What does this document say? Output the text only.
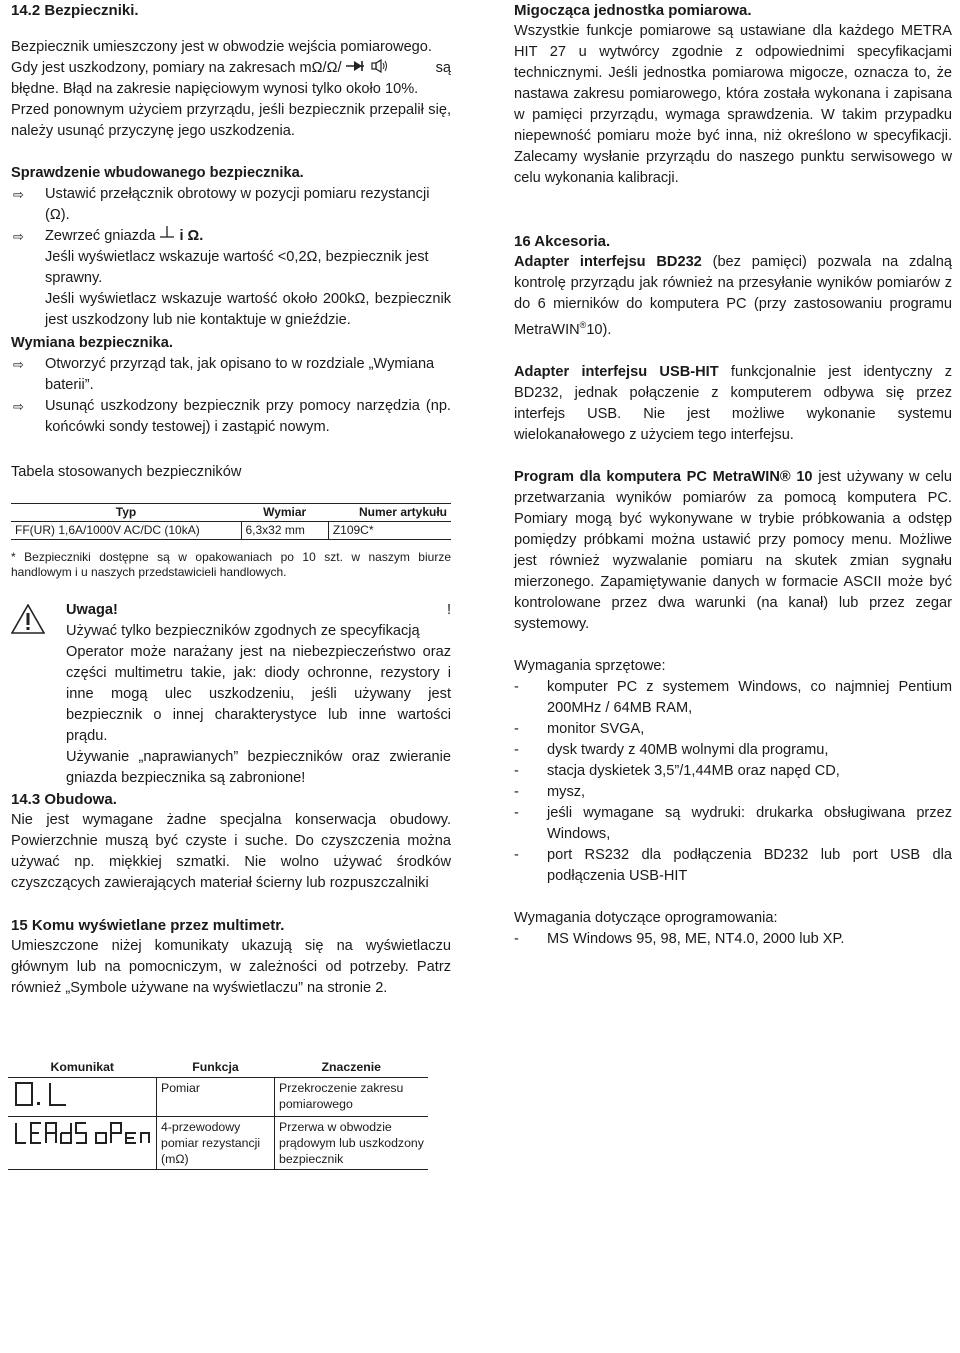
14.2 Bezpieczniki.

Bezpiecznik umieszczony jest w obwodzie wejścia pomiarowego.

Gdy jest uszkodzony, pomiary na zakresach mΩ/Ω/	są

błędne. Błąd na zakresie napięciowym wynosi tylko około 10%.

Przed ponownym użyciem przyrządu, jeśli bezpiecznik przepalił się, należy usunąć przyczynę jego uszkodzenia.

Sprawdzenie wbudowanego bezpiecznika.

⇨	Ustawić przełącznik obrotowy w pozycji pomiaru rezystancji (Ω).
⇨	Zewrzeć gniazda i Ω.

Jeśli wyświetlacz wskazuje wartość <0,2Ω, bezpiecznik jest sprawny.

Jeśli wyświetlacz wskazuje wartość około 200kΩ, bezpiecznik jest uszkodzony lub nie kontaktuje w gnieździe.

Wymiana bezpiecznika.

⇨	Otworzyć przyrząd tak, jak opisano to w rozdziale „Wymiana baterii”.
⇨	Usunąć uszkodzony bezpiecznik przy pomocy narzędzia (np. końcówki sondy testowej) i zastąpić nowym.

Tabela stosowanych bezpieczników

Typ	Wymiar	Numer artykułu
FF(UR) 1,6A/1000V AC/DC (10kA)	6,3x32 mm	Z109C*

* Bezpieczniki dostępne są w opakowaniach po 10 szt. w naszym biurze handlowym i u naszych przedstawicieli handlowych.

Uwaga!	!

Używać tylko bezpieczników zgodnych ze specyfikacją

Operator może narażany jest na niebezpieczeństwo oraz części multimetru takie, jak: diody ochronne, rezystory i inne mogą ulec uszkodzeniu, jeśli używany jest bezpiecznik o innej charakterystyce lub inne wartości prądu.

Używanie „naprawianych” bezpieczników oraz zwieranie gniazda bezpiecznika są zabronione!

14.3 Obudowa.

Nie jest wymagane żadne specjalna konserwacja obudowy. Powierzchnie muszą być czyste i suche. Do czyszczenia można używać np. miękkiej szmatki. Nie wolno używać środków czyszczących zawierających materiał ścierny lub rozpuszczalniki

15 Komu wyświetlane przez multimetr.

Umieszczone niżej komunikaty ukazują się na wyświetlaczu głównym lub na pomocniczym, w zależności od potrzeby. Patrz również „Symbole używane na wyświetlaczu” na stronie 2.

Komunikat	Funkcja	Znaczenie
	Pomiar	Przekroczenie zakresu pomiarowego
	4-przewodowy pomiar rezystancji (mΩ)	Przerwa w obwodzie prądowym lub uszkodzony bezpiecznik

Migocząca jednostka pomiarowa.

Wszystkie funkcje pomiarowe są ustawiane dla każdego METRA HIT 27 u wytwórcy zgodnie z odpowiednimi specyfikacjami technicznymi. Jeśli jednostka pomiarowa migocze, oznacza to, że nastawa zakresu pomiarowego, która została wykonana i zapisana w pamięci przyrządu, wymaga sprawdzenia. W takim przypadku niepewność pomiaru może być inna, niż określono w specyfikacji. Zalecamy wysłanie przyrządu do naszego punktu serwisowego w celu wykonania kalibracji.

16 Akcesoria.

Adapter interfejsu BD232 (bez pamięci) pozwala na zdalną kontrolę przyrządu jak również na przesyłanie wyników pomiarów z do 6 mierników do komputera PC (przy zastosowaniu programu MetraWIN®10).

Adapter interfejsu USB-HIT funkcjonalnie jest identyczny z BD232, jednak połączenie z komputerem odbywa się przez interfejs USB. Nie jest możliwe wykonanie systemu wielokanałowego z użyciem tego interfejsu.

Program dla komputera PC MetraWIN® 10 jest używany w celu przetwarzania wyników pomiarów za pomocą komputera PC. Pomiary mogą być wykonywane w trybie próbkowania a odstęp pomiędzy próbkami można ustawić przy pomocy menu. Możliwe jest również wyzwalanie pomiaru na skutek zmian sygnału mierzonego. Zapamiętywanie danych w formacie ASCII może być kontrolowane przez dwa warunki (na kanał) lub przez zegar systemowy.

Wymagania sprzętowe:

-	komputer PC z systemem Windows, co najmniej Pentium 200MHz / 64MB RAM,
-	monitor SVGA,
-	dysk twardy z 40MB wolnymi dla programu,
-	stacja dyskietek 3,5”/1,44MB oraz napęd CD,
-	mysz,
-	jeśli wymagane są wydruki: drukarka obsługiwana przez Windows,
-	port RS232 dla podłączenia BD232 lub port USB dla podłączenia USB-HIT

Wymagania dotyczące oprogramowania:

-	MS Windows 95, 98, ME, NT4.0, 2000 lub XP.
